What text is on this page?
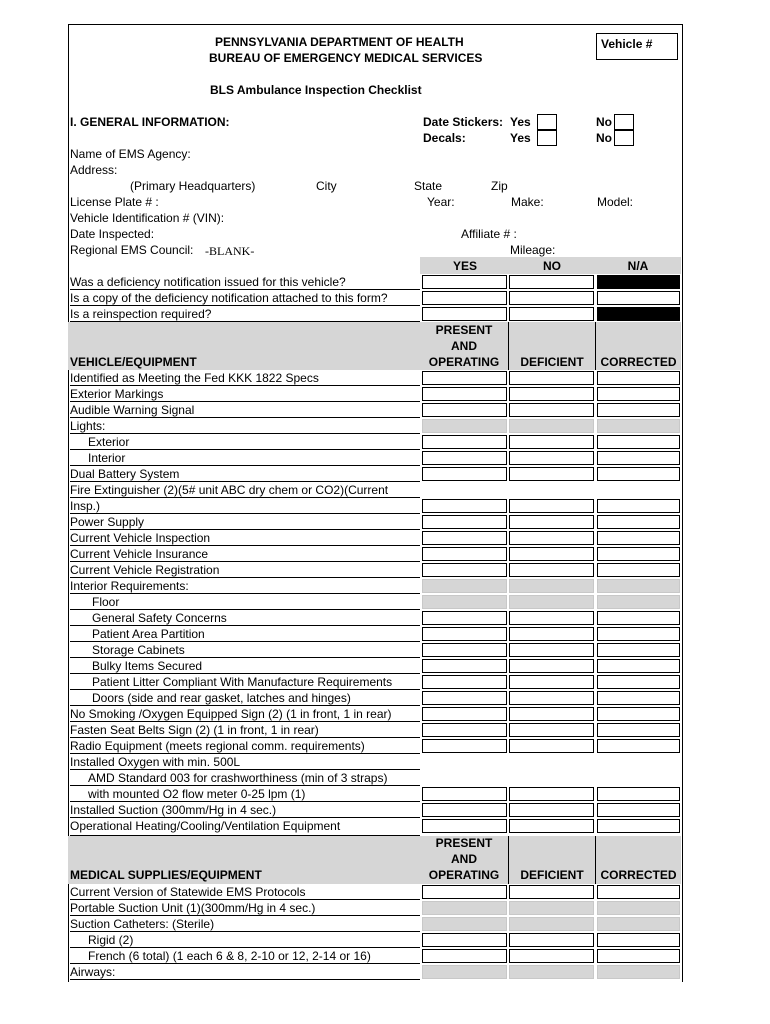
PENNSYLVANIA DEPARTMENT OF HEALTH
BUREAU OF EMERGENCY MEDICAL SERVICES
Vehicle #
BLS Ambulance Inspection Checklist
I. GENERAL INFORMATION:	Date Stickers: Yes	No
Decals:	Yes	No
Name of EMS Agency:
Address:
(Primary Headquarters)	City	State	Zip
License Plate # :	Year:	Make:	Model:
Vehicle Identification # (VIN):
Date Inspected:	Affiliate # :
Regional EMS Council: -BLANK-	Mileage:
YES	NO	N/A
Was a deficiency notification issued for this vehicle?
Is a copy of the deficiency notification attached to this form?
Is a reinspection required?
VEHICLE/EQUIPMENT
PRESENT
AND
OPERATING	DEFICIENT	CORRECTED
Identified as Meeting the Fed KKK 1822 Specs
Exterior Markings
Audible Warning Signal
Lights:
Exterior
Interior
Dual Battery System
Fire Extinguisher (2)(5# unit ABC dry chem or CO2)(Current
Insp.)
Power Supply
Current Vehicle Inspection
Current Vehicle Insurance
Current Vehicle Registration
Interior Requirements:
Floor
General Safety Concerns
Patient Area Partition
Storage Cabinets
Bulky Items Secured
Patient Litter Compliant With Manufacture Requirements
Doors (side and rear gasket, latches and hinges)
No Smoking /Oxygen Equipped Sign (2) (1 in front, 1 in rear)
Fasten Seat Belts Sign (2) (1 in front, 1 in rear)
Radio Equipment (meets regional comm. requirements)
Installed Oxygen with min. 500L
AMD Standard 003 for crashworthiness (min of 3 straps)
with mounted O2 flow meter 0-25 lpm (1)
Installed Suction (300mm/Hg in 4 sec.)
Operational Heating/Cooling/Ventilation Equipment
MEDICAL SUPPLIES/EQUIPMENT
PRESENT
AND
OPERATING	DEFICIENT	CORRECTED
Current Version of Statewide EMS Protocols
Portable Suction Unit (1)(300mm/Hg in 4 sec.)
Suction Catheters: (Sterile)
Rigid (2)
French (6 total) (1 each 6 & 8, 2-10 or 12, 2-14 or 16)
Airways:
